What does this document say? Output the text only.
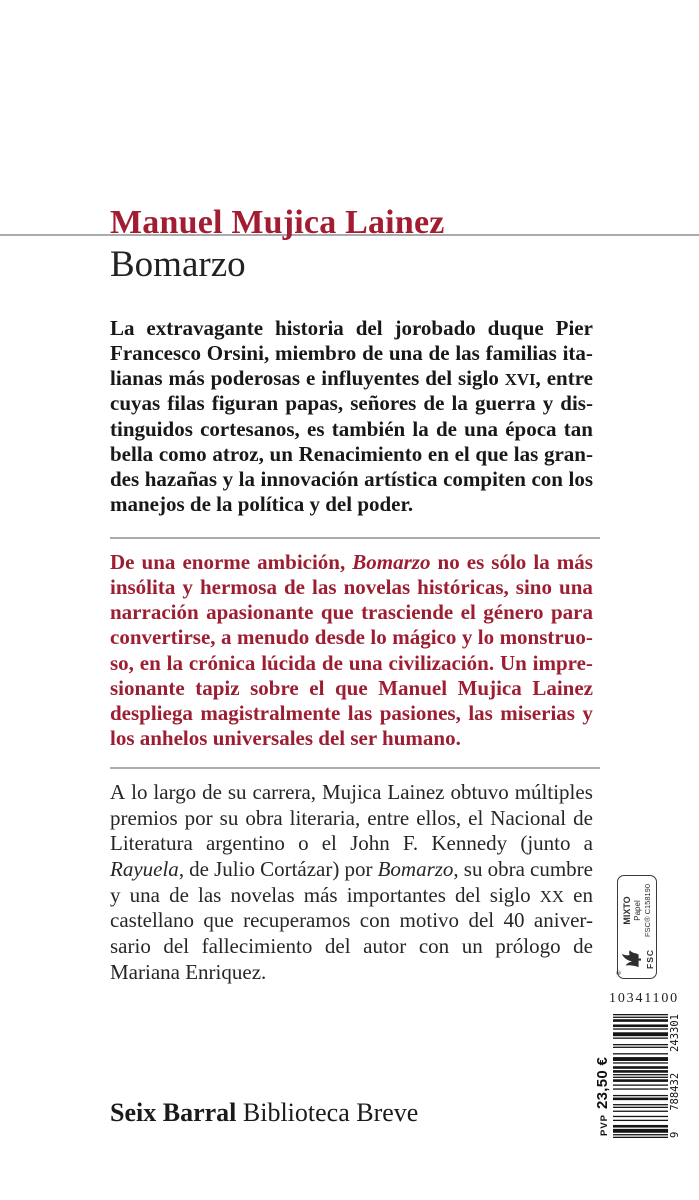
Manuel Mujica Lainez
Bomarzo
La extravagante historia del jorobado duque Pier
Francesco Orsini, miembro de una de las familias ita-
lianas más poderosas e influyentes del siglo XVI, entre
cuyas filas figuran papas, señores de la guerra y dis-
tinguidos cortesanos, es también la de una época tan
bella como atroz, un Renacimiento en el que las gran-
des hazañas y la innovación artística compiten con los
manejos de la política y del poder.
De una enorme ambición, Bomarzo no es sólo la más
insólita y hermosa de las novelas históricas, sino una
narración apasionante que trasciende el género para
convertirse, a menudo desde lo mágico y lo monstruo-
so, en la crónica lúcida de una civilización. Un impre-
sionante tapiz sobre el que Manuel Mujica Lainez
despliega magistralmente las pasiones, las miserias y
los anhelos universales del ser humano.
A lo largo de su carrera, Mujica Lainez obtuvo múltiples
premios por su obra literaria, entre ellos, el Nacional de
Literatura argentino o el John F. Kennedy (junto a
Rayuela, de Julio Cortázar) por Bomarzo, su obra cumbre
y una de las novelas más importantes del siglo XX en
castellano que recuperamos con motivo del 40 aniver-
sario del fallecimiento del autor con un prólogo de
Mariana Enriquez.
Seix Barral Biblioteca Breve
®
FSC
MIXTO Papel FSC® C158190
10341100
PVP
23,50 €
9
788432
243301
